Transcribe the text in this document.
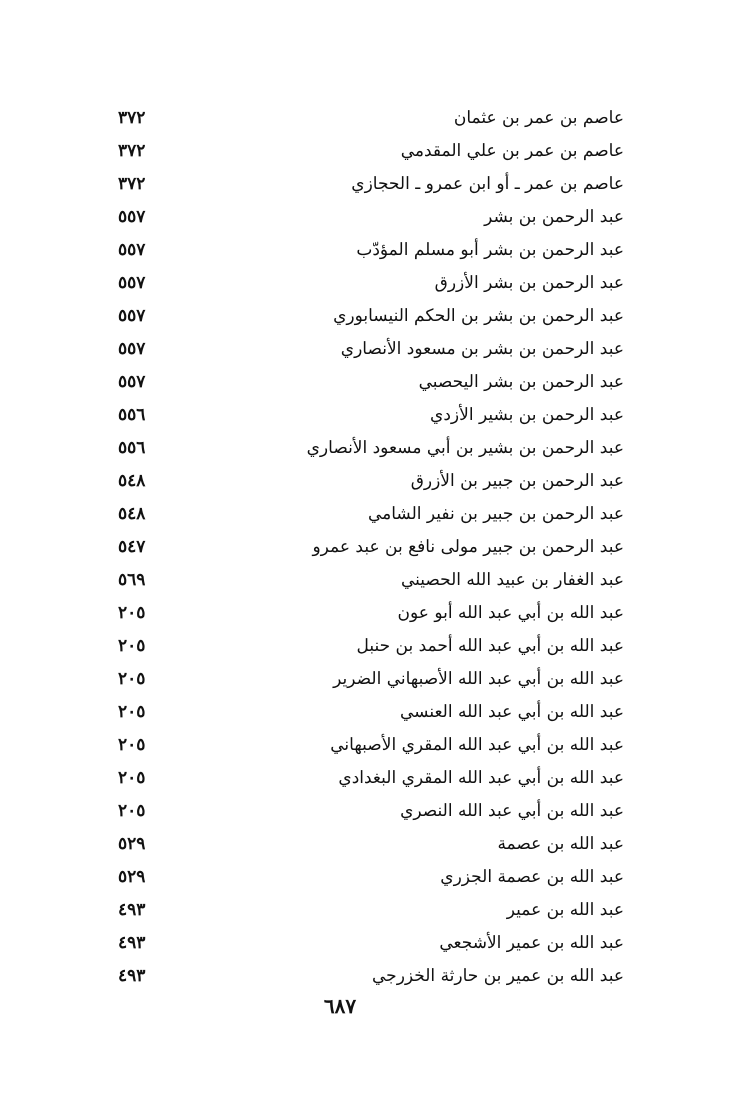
عاصم بن عمر بن عثمان
٣٧٢
عاصم بن عمر بن علي المقدمي
٣٧٢
عاصم بن عمر ـ أو ابن عمرو ـ الحجازي
٣٧٢
عبد الرحمن بن بشر
٥٥٧
عبد الرحمن بن بشر أبو مسلم المؤدّب
٥٥٧
عبد الرحمن بن بشر الأزرق
٥٥٧
عبد الرحمن بن بشر بن الحكم النيسابوري
٥٥٧
عبد الرحمن بن بشر بن مسعود الأنصاري
٥٥٧
عبد الرحمن بن بشر اليحصبي
٥٥٧
عبد الرحمن بن بشير الأزدي
٥٥٦
عبد الرحمن بن بشير بن أبي مسعود الأنصاري
٥٥٦
عبد الرحمن بن جبير بن الأزرق
٥٤٨
عبد الرحمن بن جبير بن نفير الشامي
٥٤٨
عبد الرحمن بن جبير مولى نافع بن عبد عمرو
٥٤٧
عبد الغفار بن عبيد الله الحصيني
٥٦٩
عبد الله بن أبي عبد الله أبو عون
٢٠٥
عبد الله بن أبي عبد الله أحمد بن حنبل
٢٠٥
عبد الله بن أبي عبد الله الأصبهاني الضرير
٢٠٥
عبد الله بن أبي عبد الله العنسي
٢٠٥
عبد الله بن أبي عبد الله المقري الأصبهاني
٢٠٥
عبد الله بن أبي عبد الله المقري البغدادي
٢٠٥
عبد الله بن أبي عبد الله النصري
٢٠٥
عبد الله بن عصمة
٥٢٩
عبد الله بن عصمة الجزري
٥٢٩
عبد الله بن عمير
٤٩٣
عبد الله بن عمير الأشجعي
٤٩٣
عبد الله بن عمير بن حارثة الخزرجي
٤٩٣
٦٨٧
